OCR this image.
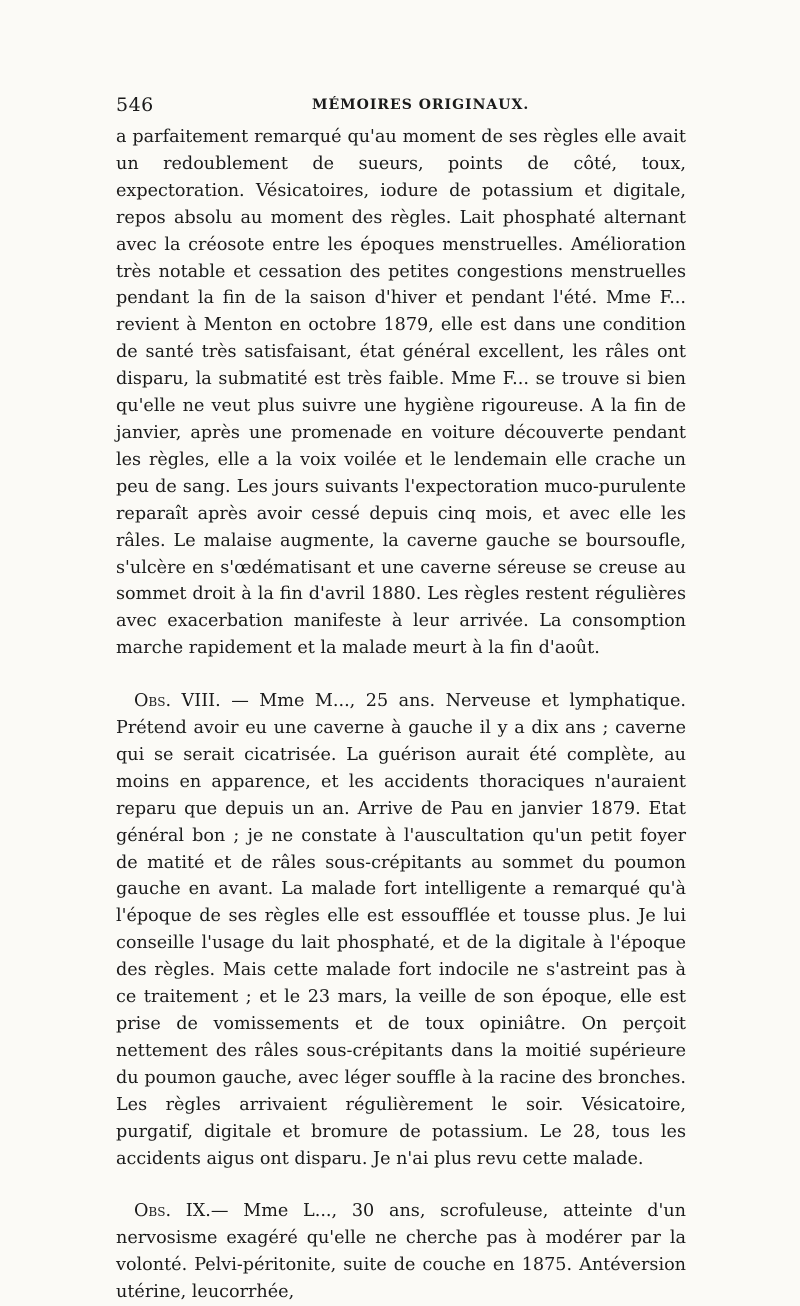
546	MÉMOIRES ORIGINAUX.

a parfaitement remarqué qu'au moment de ses règles elle avait un redoublement de sueurs, points de côté, toux, expectoration. Vésicatoires, iodure de potassium et digitale, repos absolu au moment des règles. Lait phosphaté alternant avec la créosote entre les époques menstruelles. Amélioration très notable et cessation des petites congestions menstruelles pendant la fin de la saison d'hiver et pendant l'été. Mme F... revient à Menton en octobre 1879, elle est dans une condition de santé très satisfaisant, état général excellent, les râles ont disparu, la submatité est très faible. Mme F... se trouve si bien qu'elle ne veut plus suivre une hygiène rigoureuse. A la fin de janvier, après une promenade en voiture découverte pendant les règles, elle a la voix voilée et le lendemain elle crache un peu de sang. Les jours suivants l'expectoration muco-purulente reparaît après avoir cessé depuis cinq mois, et avec elle les râles. Le malaise augmente, la caverne gauche se boursoufle, s'ulcère en s'œdématisant et une caverne séreuse se creuse au sommet droit à la fin d'avril 1880. Les règles restent régulières avec exacerbation manifeste à leur arrivée. La consomption marche rapidement et la malade meurt à la fin d'août.

Obs. VIII. — Mme M..., 25 ans. Nerveuse et lymphatique. Prétend avoir eu une caverne à gauche il y a dix ans ; caverne qui se serait cicatrisée. La guérison aurait été complète, au moins en apparence, et les accidents thoraciques n'auraient reparu que depuis un an. Arrive de Pau en janvier 1879. Etat général bon ; je ne constate à l'auscultation qu'un petit foyer de matité et de râles sous-crépitants au sommet du poumon gauche en avant. La malade fort intelligente a remarqué qu'à l'époque de ses règles elle est essoufflée et tousse plus. Je lui conseille l'usage du lait phosphaté, et de la digitale à l'époque des règles. Mais cette malade fort indocile ne s'astreint pas à ce traitement ; et le 23 mars, la veille de son époque, elle est prise de vomissements et de toux opiniâtre. On perçoit nettement des râles sous-crépitants dans la moitié supérieure du poumon gauche, avec léger souffle à la racine des bronches. Les règles arrivaient régulièrement le soir. Vésicatoire, purgatif, digitale et bromure de potassium. Le 28, tous les accidents aigus ont disparu. Je n'ai plus revu cette malade.

Obs. IX.— Mme L..., 30 ans, scrofuleuse, atteinte d'un nervosisme exagéré qu'elle ne cherche pas à modérer par la volonté. Pelvi-péritonite, suite de couche en 1875. Antéversion utérine, leucorrhée,
